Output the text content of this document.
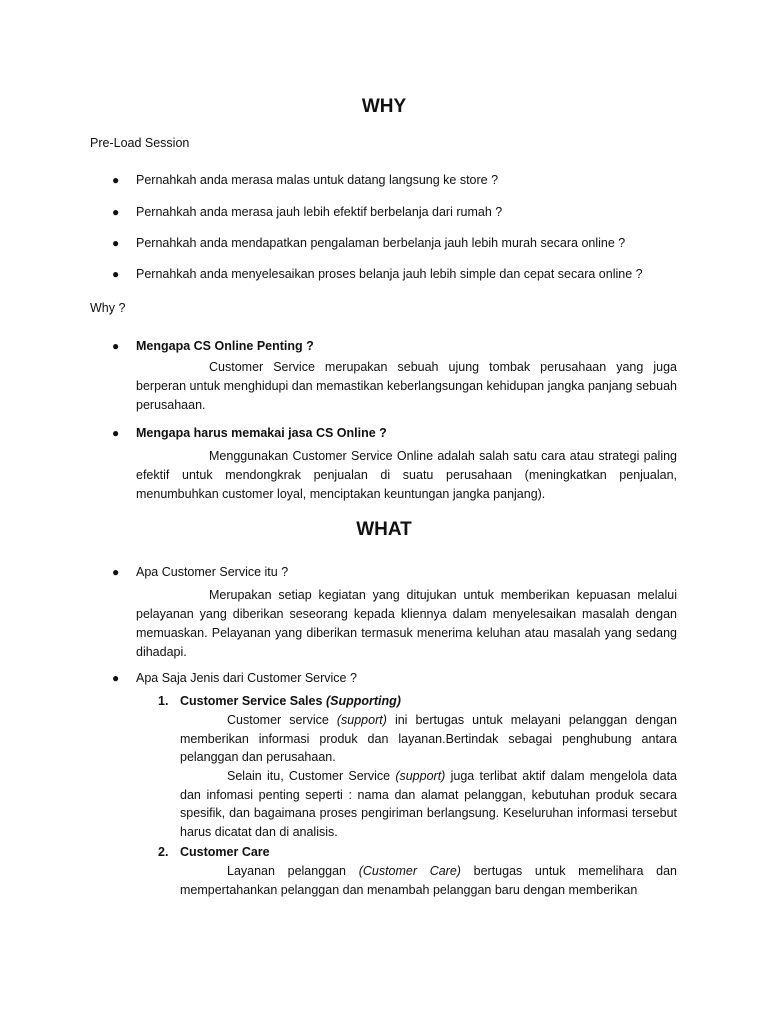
WHY

Pre-Load Session

● Pernahkah anda merasa malas untuk datang langsung ke store ?
● Pernahkah anda merasa jauh lebih efektif berbelanja dari rumah ?
● Pernahkah anda mendapatkan pengalaman berbelanja jauh lebih murah secara online ?
● Pernahkah anda menyelesaikan proses belanja jauh lebih simple dan cepat secara online ?

Why ?

● Mengapa CS Online Penting ?

Customer Service merupakan sebuah ujung tombak perusahaan yang juga berperan untuk menghidupi dan memastikan keberlangsungan kehidupan jangka panjang sebuah perusahaan.

● Mengapa harus memakai jasa CS Online ?

Menggunakan Customer Service Online adalah salah satu cara atau strategi paling efektif untuk mendongkrak penjualan di suatu perusahaan (meningkatkan penjualan, menumbuhkan customer loyal, menciptakan keuntungan jangka panjang).

WHAT
● Apa Customer Service itu ?

Merupakan setiap kegiatan yang ditujukan untuk memberikan kepuasan melalui pelayanan yang diberikan seseorang kepada kliennya dalam menyelesaikan masalah dengan memuaskan. Pelayanan yang diberikan termasuk menerima keluhan atau masalah yang sedang dihadapi.

● Apa Saja Jenis dari Customer Service ?
1. Customer Service Sales (Supporting)

Customer service (support) ini bertugas untuk melayani pelanggan dengan memberikan informasi produk dan layanan.Bertindak sebagai penghubung antara pelanggan dan perusahaan.

Selain itu, Customer Service (support) juga terlibat aktif dalam mengelola data dan infomasi penting seperti : nama dan alamat pelanggan, kebutuhan produk secara spesifik, dan bagaimana proses pengiriman berlangsung. Keseluruhan informasi tersebut harus dicatat dan di analisis.

2. Customer Care

Layanan pelanggan (Customer Care) bertugas untuk memelihara dan mempertahankan pelanggan dan menambah pelanggan baru dengan memberikan
